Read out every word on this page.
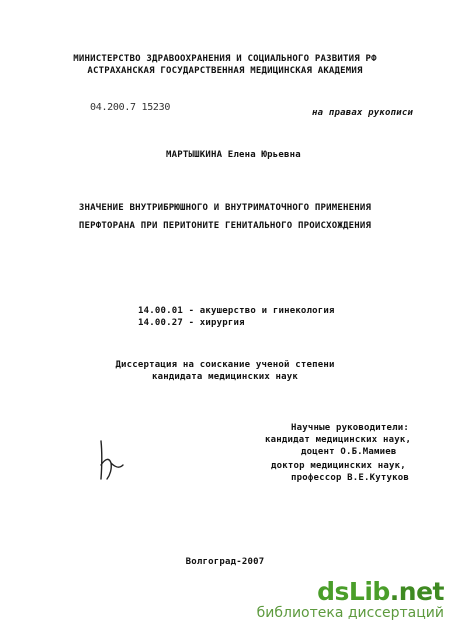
МИНИСТЕРСТВО ЗДРАВООХРАНЕНИЯ И СОЦИАЛЬНОГО РАЗВИТИЯ РФ
АСТРАХАНСКАЯ ГОСУДАРСТВЕННАЯ МЕДИЦИНСКАЯ АКАДЕМИЯ
04.200.7 15230	на правах рукописи
МАРТЫШКИНА Елена Юрьевна
ЗНАЧЕНИЕ ВНУТРИБРЮШНОГО И ВНУТРИМАТОЧНОГО ПРИМЕНЕНИЯ
ПЕРФТОРАНА ПРИ ПЕРИТОНИТЕ ГЕНИТАЛЬНОГО ПРОИСХОЖДЕНИЯ
14.00.01 - акушерство и гинекология
14.00.27 - хирургия
Диссертация на соискание ученой степени
кандидата медицинских наук
Научные руководители:
кандидат медицинских наук,
доцент О.Б.Мамиев
доктор медицинских наук,
профессор В.Е.Кутуков
Волгоград-2007
dsLib.net
библиотека диссертаций
